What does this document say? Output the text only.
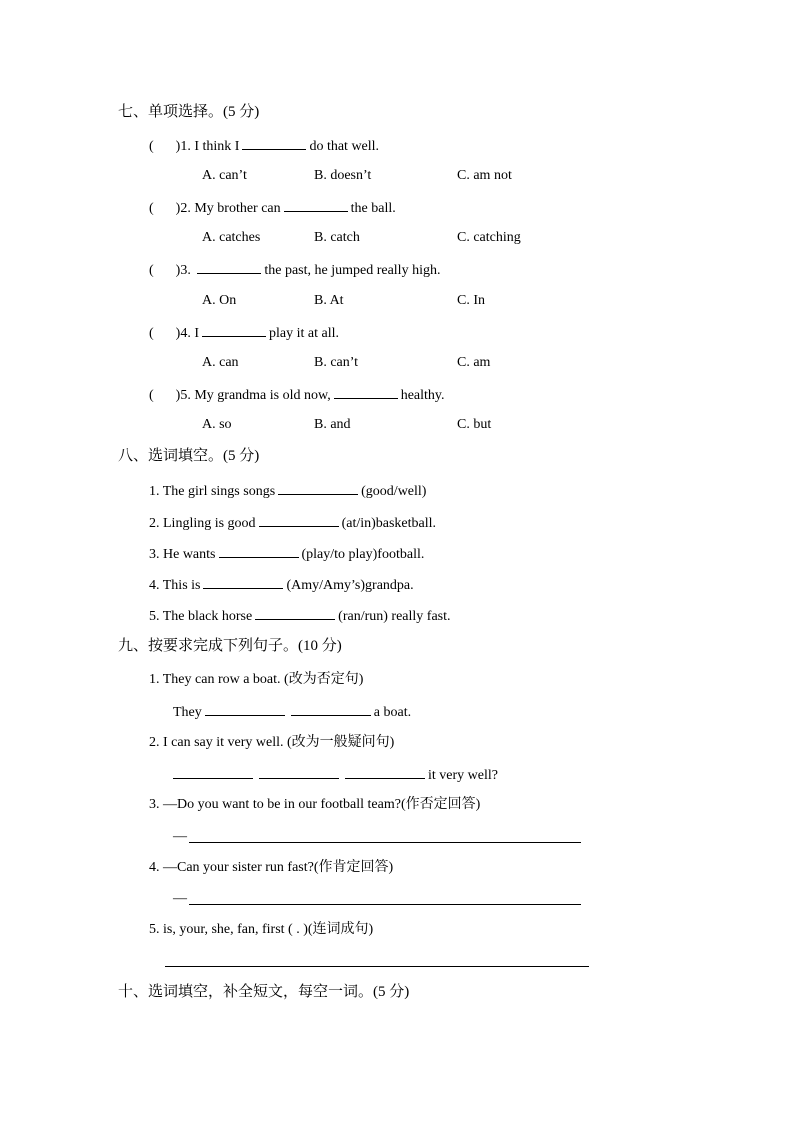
七、单项选择。(5 分)
( )1. I think I	do that well.
A. can’t	B. doesn’t	C. am not
( )2. My brother can	the ball.
A. catches	B. catch	C. catching
( )3.	the past, he jumped really high.
A. On	B. At	C. In
( )4. I	play it at all.
A. can	B. can’t	C. am
( )5. My grandma is old now,	healthy.
A. so	B. and	C. but
八、选词填空。(5 分)
1. The girl sings songs	(good/well)
2. Lingling is good	(at/in)basketball.
3. He wants	(play/to play)football.
4. This is	(Amy/Amy’s)grandpa.
5. The black horse	(ran/run) really fast.
九、按要求完成下列句子。(10 分)
1. They can row a boat. (改为否定句)
They	a boat.
2. I can say it very well. (改为一般疑问句)
it very well?
3. —Do you want to be in our football team?(作否定回答)
—
4. —Can your sister run fast?(作肯定回答)
—
5. is, your, she, fan, first ( . )(连词成句)
十、选词填空，补全短文，每空一词。(5 分)
